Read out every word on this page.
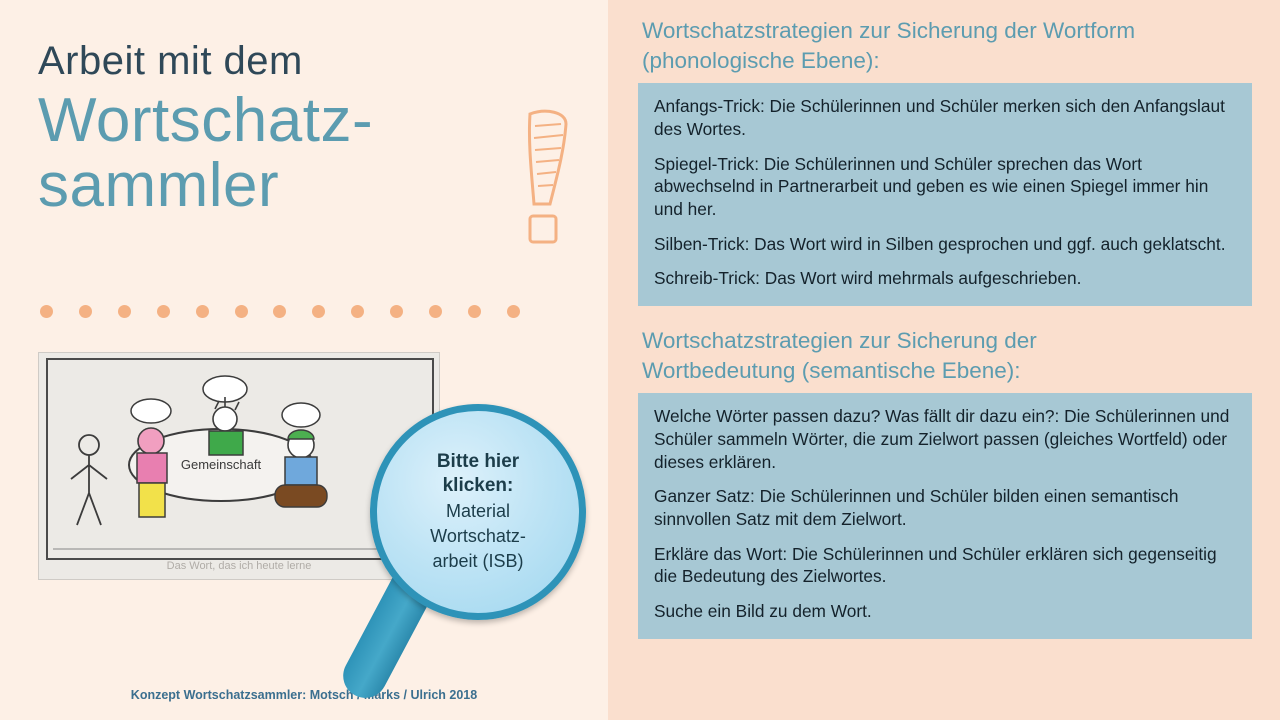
Arbeit mit dem
Wortschatz-
sammler
Gemeinschaft
Das Wort, das ich heute lerne
Bitte hier
klicken:
Material
Wortschatz-
arbeit (ISB)
Konzept Wortschatzsammler: Motsch / Marks / Ulrich 2018
Wortschatzstrategien zur Sicherung der Wortform
(phonologische Ebene):

Anfangs-Trick: Die Schülerinnen und Schüler merken sich den Anfangslaut des Wortes.

Spiegel-Trick: Die Schülerinnen und Schüler sprechen das Wort abwechselnd in Partnerarbeit und geben es wie einen Spiegel immer hin und her.

Silben-Trick: Das Wort wird in Silben gesprochen und ggf. auch geklatscht.

Schreib-Trick: Das Wort wird mehrmals aufgeschrieben.

Wortschatzstrategien zur Sicherung der
Wortbedeutung (semantische Ebene):

Welche Wörter passen dazu? Was fällt dir dazu ein?: Die Schülerinnen und Schüler sammeln Wörter, die zum Zielwort passen (gleiches Wortfeld) oder dieses erklären.

Ganzer Satz: Die Schülerinnen und Schüler bilden einen semantisch sinnvollen Satz mit dem Zielwort.

Erkläre das Wort: Die Schülerinnen und Schüler erklären sich gegenseitig die Bedeutung des Zielwortes.

Suche ein Bild zu dem Wort.
